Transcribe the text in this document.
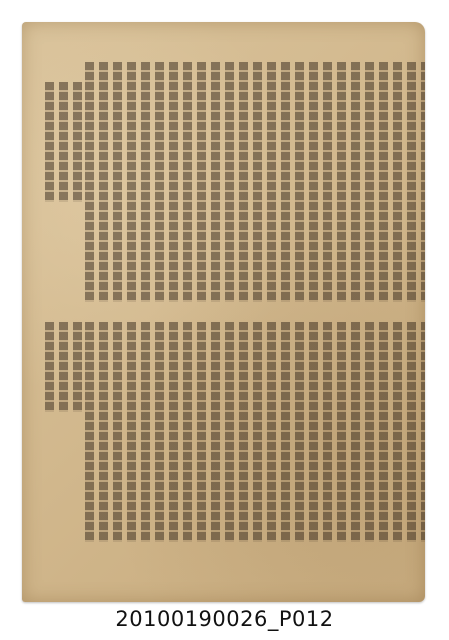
20100190026_P012
